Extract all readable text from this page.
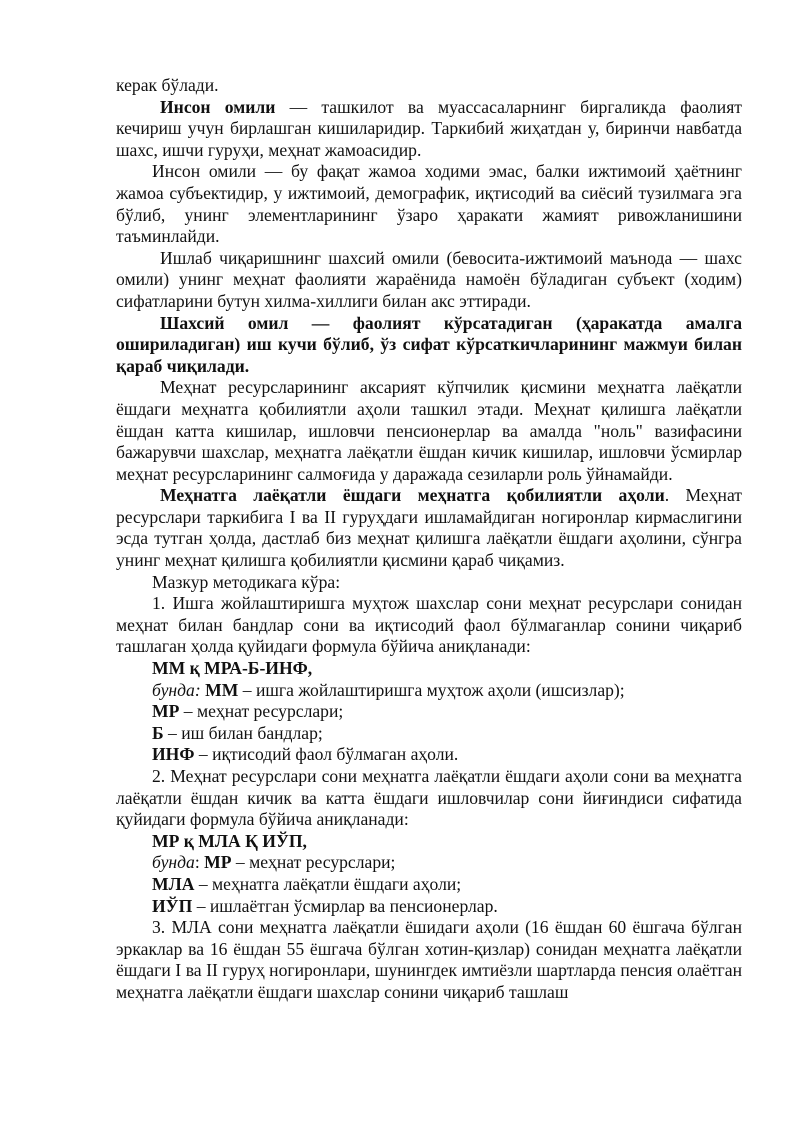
керак бўлади.

Инсон омили — ташкилот ва муассасаларнинг биргаликда фаолият кечириш учун бирлашган кишиларидир. Таркибий жиҳатдан у, биринчи навбатда шахс, ишчи гуруҳи, меҳнат жамоасидир.

Инсон омили — бу фақат жамоа ходими эмас, балки ижтимоий ҳаётнинг жамоа субъектидир, у ижтимоий, демографик, иқтисодий ва сиёсий тузилмага эга бўлиб, унинг элементларининг ўзаро ҳаракати жамият ривожланишини таъминлайди.

Ишлаб чиқаришнинг шахсий омили (бевосита-ижтимоий маънода — шахс омили) унинг меҳнат фаолияти жараёнида намоён бўладиган субъект (ходим) сифатларини бутун хилма-хиллиги билан акс эттиради.

Шахсий омил — фаолият кўрсатадиган (ҳаракатда амалга ошириладиган) иш кучи бўлиб, ўз сифат кўрсаткичларининг мажмуи билан қараб чиқилади.

Меҳнат ресурсларининг аксарият кўпчилик қисмини меҳнатга лаёқатли ёшдаги меҳнатга қобилиятли аҳоли ташкил этади. Меҳнат қилишга лаёқатли ёшдан катта кишилар, ишловчи пенсионерлар ва амалда "ноль" вазифасини бажарувчи шахслар, меҳнатга лаёқатли ёшдан кичик кишилар, ишловчи ўсмирлар меҳнат ресурсларининг салмоғида у даражада сезиларли роль ўйнамайди.

Меҳнатга лаёқатли ёшдаги меҳнатга қобилиятли аҳоли. Меҳнат ресурслари таркибига I ва II гуруҳдаги ишламайдиган ногиронлар кирмаслигини эсда тутган ҳолда, дастлаб биз меҳнат қилишга лаёқатли ёшдаги аҳолини, сўнгра унинг меҳнат қилишга қобилиятли қисмини қараб чиқамиз.

Мазкур методикага кўра:

1. Ишга жойлаштиришга муҳтож шахслар сони меҳнат ресурслари сонидан меҳнат билан бандлар сони ва иқтисодий фаол бўлмаганлар сонини чиқариб ташлаган ҳолда қуйидаги формула бўйича аниқланади:

ММ қ МРА-Б-ИНФ,

бунда: ММ – ишга жойлаштиришга муҳтож аҳоли (ишсизлар);

МР – меҳнат ресурслари;

Б – иш билан бандлар;

ИНФ – иқтисодий фаол бўлмаган аҳоли.

2. Меҳнат ресурслари сони меҳнатга лаёқатли ёшдаги аҳоли сони ва меҳнатга лаёқатли ёшдан кичик ва катта ёшдаги ишловчилар сони йиғиндиси сифатида қуйидаги формула бўйича аниқланади:

МР қ МЛА Қ ИЎП,

бунда: МР – меҳнат ресурслари;

МЛА – меҳнатга лаёқатли ёшдаги аҳоли;

ИЎП – ишлаётган ўсмирлар ва пенсионерлар.

3. МЛА сони меҳнатга лаёқатли ёшидаги аҳоли (16 ёшдан 60 ёшгача бўлган эркаклар ва 16 ёшдан 55 ёшгача бўлган хотин-қизлар) сонидан меҳнатга лаёқатли ёшдаги I ва II гуруҳ ногиронлари, шунингдек имтиёзли шартларда пенсия олаётган меҳнатга лаёқатли ёшдаги шахслар сонини чиқариб ташлаш
